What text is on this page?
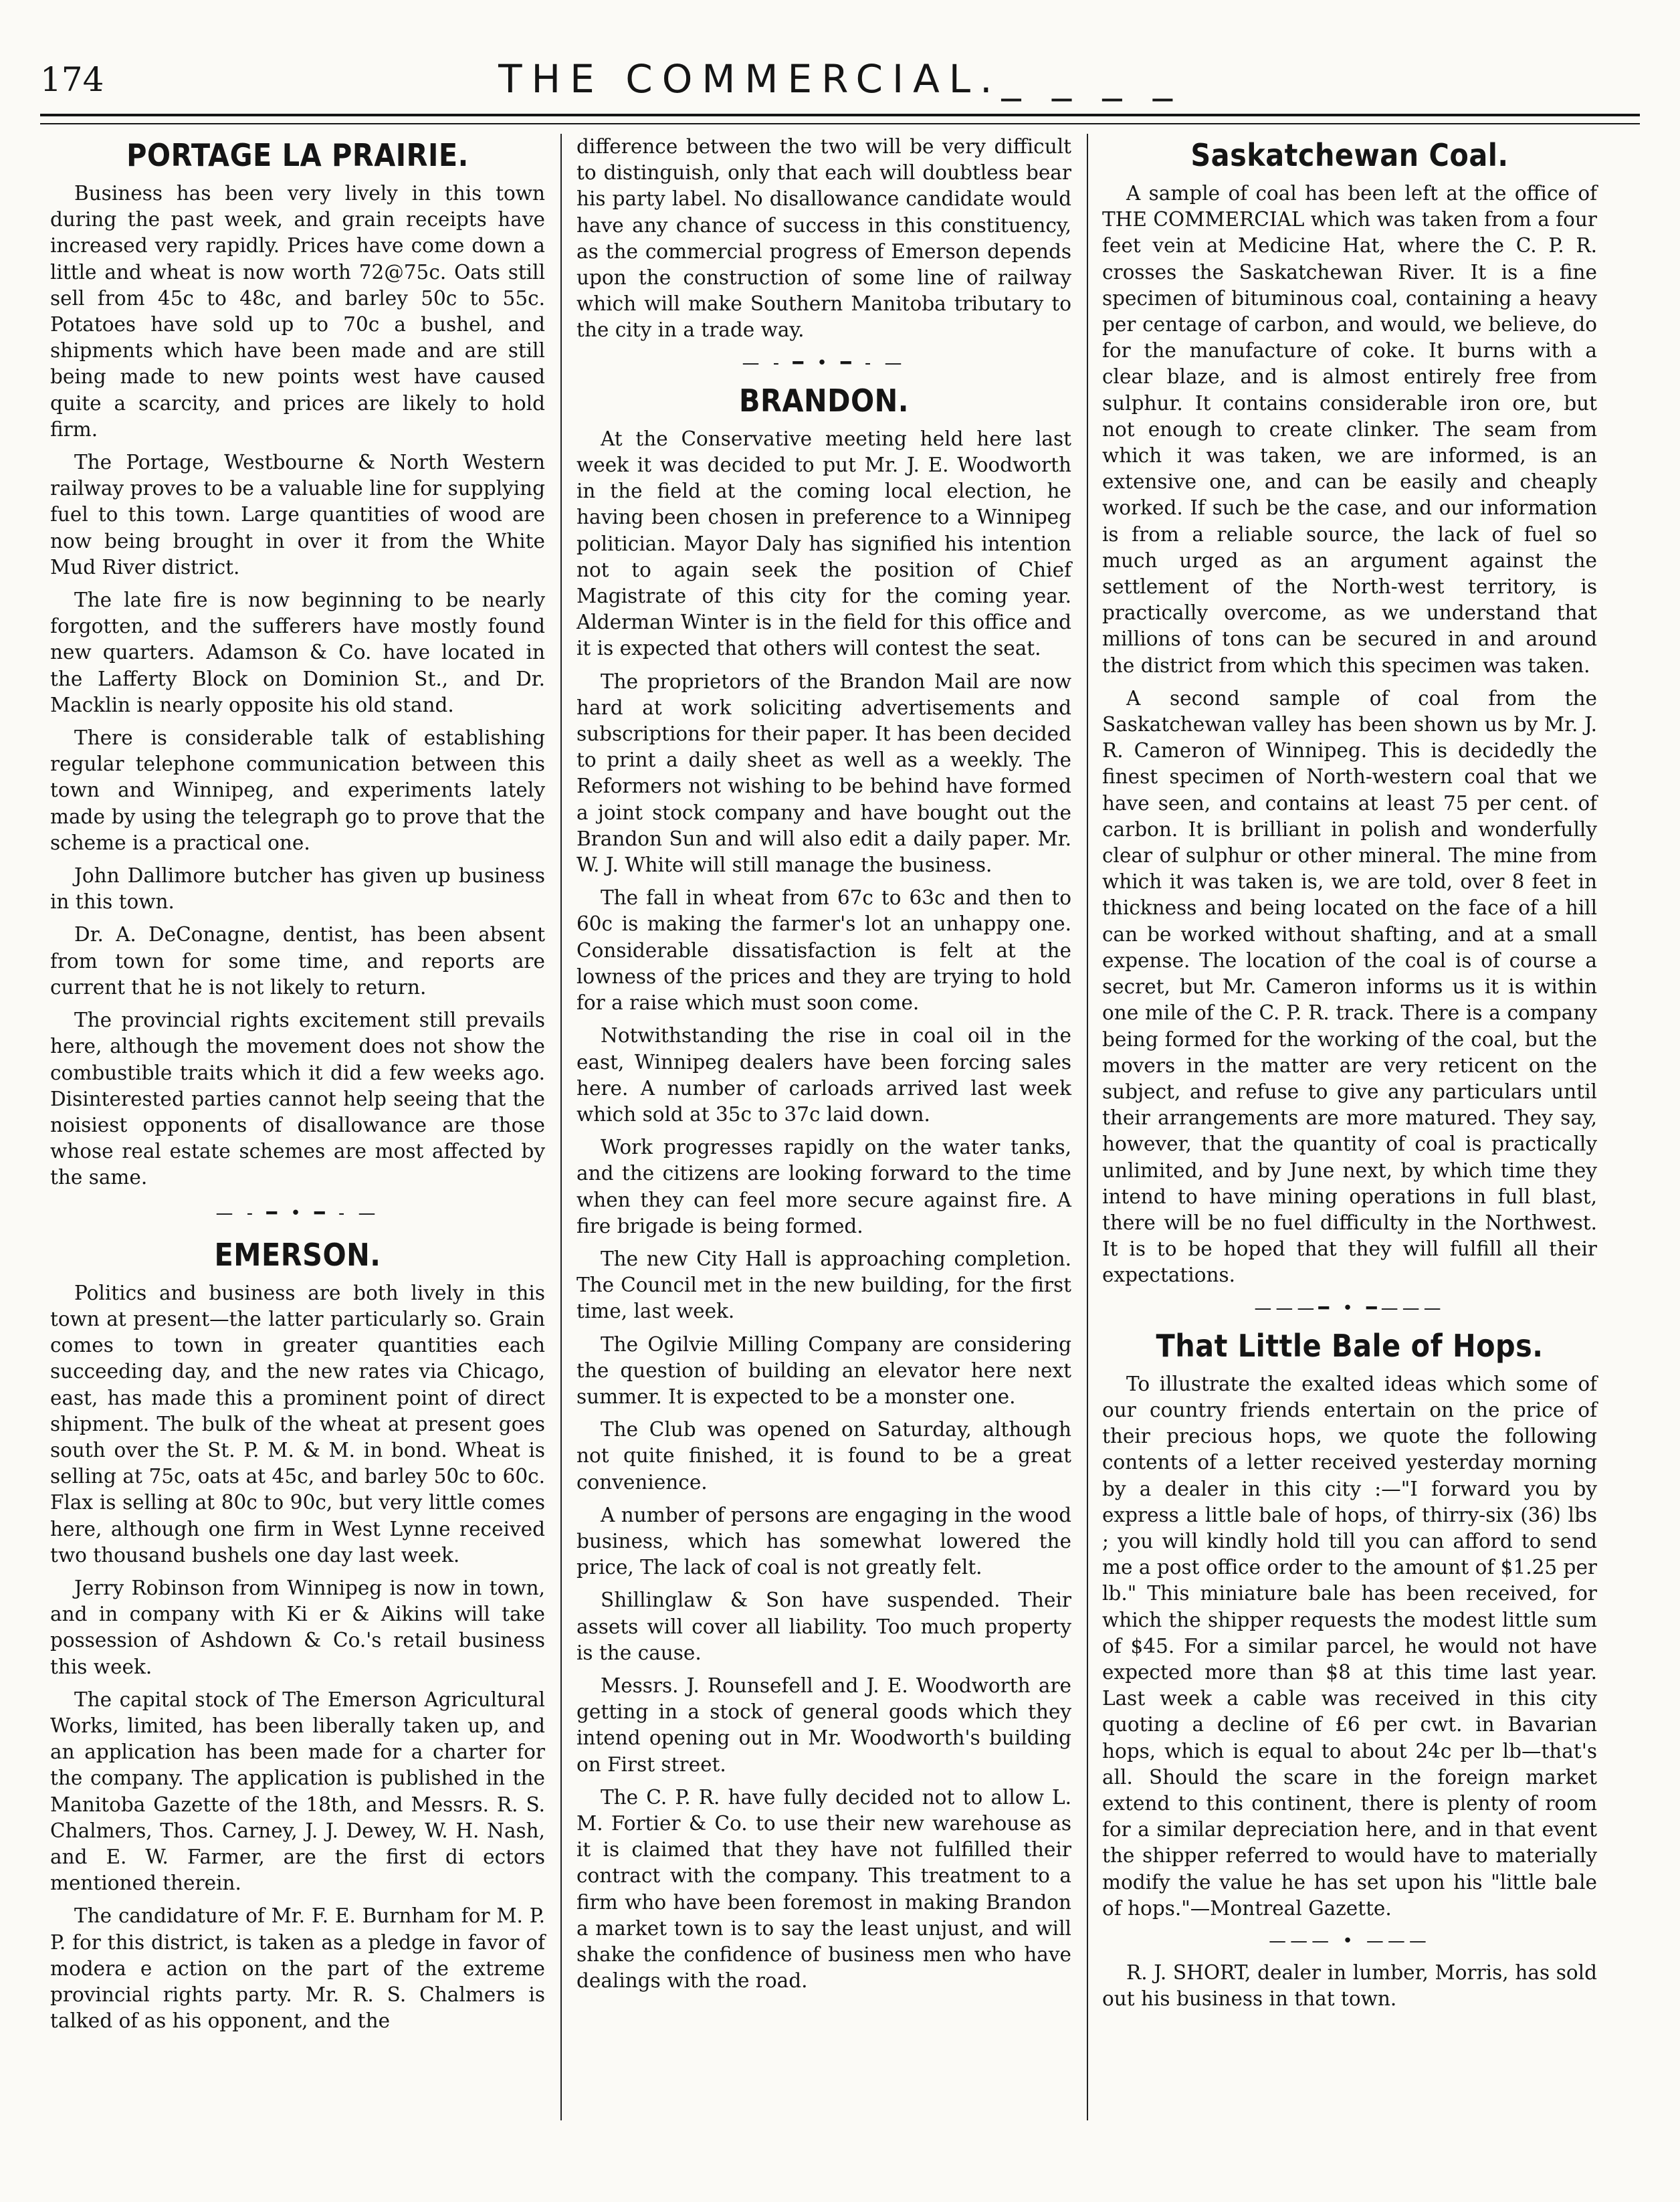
174	THE COMMERCIAL._ _ _ _
PORTAGE LA PRAIRIE.

Business has been very lively in this town during the past week, and grain receipts have increased very rapidly. Prices have come down a little and wheat is now worth 72@75c. Oats still sell from 45c to 48c, and barley 50c to 55c. Potatoes have sold up to 70c a bushel, and shipments which have been made and are still being made to new points west have caused quite a scarcity, and prices are likely to hold firm.

The Portage, Westbourne & North Western railway proves to be a valuable line for supplying fuel to this town. Large quantities of wood are now being brought in over it from the White Mud River district.

The late fire is now beginning to be nearly forgotten, and the sufferers have mostly found new quarters. Adamson & Co. have located in the Lafferty Block on Dominion St., and Dr. Macklin is nearly opposite his old stand.

There is considerable talk of establishing regular telephone communication between this town and Winnipeg, and experiments lately made by using the telegraph go to prove that the scheme is a practical one.

John Dallimore butcher has given up business in this town.

Dr. A. DeConagne, dentist, has been absent from town for some time, and reports are current that he is not likely to return.

The provincial rights excitement still prevails here, although the movement does not show the combustible traits which it did a few weeks ago. Disinterested parties cannot help seeing that the noisiest opponents of disallowance are those whose real estate schemes are most affected by the same.

— - ━ • ━ - —
EMERSON.

Politics and business are both lively in this town at present—the latter particularly so. Grain comes to town in greater quantities each succeeding day, and the new rates via Chicago, east, has made this a prominent point of direct shipment. The bulk of the wheat at present goes south over the St. P. M. & M. in bond. Wheat is selling at 75c, oats at 45c, and barley 50c to 60c. Flax is selling at 80c to 90c, but very little comes here, although one firm in West Lynne received two thousand bushels one day last week.

Jerry Robinson from Winnipeg is now in town, and in company with Ki er & Aikins will take possession of Ashdown & Co.'s retail business this week.

The capital stock of The Emerson Agricultural Works, limited, has been liberally taken up, and an application has been made for a charter for the company. The application is published in the Manitoba Gazette of the 18th, and Messrs. R. S. Chalmers, Thos. Carney, J. J. Dewey, W. H. Nash, and E. W. Farmer, are the first di ectors mentioned therein.

The candidature of Mr. F. E. Burnham for M. P. P. for this district, is taken as a pledge in favor of modera e action on the part of the extreme provincial rights party. Mr. R. S. Chalmers is talked of as his opponent, and the

difference between the two will be very difficult to distinguish, only that each will doubtless bear his party label. No disallowance candidate would have any chance of success in this constituency, as the commercial progress of Emerson depends upon the construction of some line of railway which will make Southern Manitoba tributary to the city in a trade way.

— - ━ • ━ - —
BRANDON.

At the Conservative meeting held here last week it was decided to put Mr. J. E. Woodworth in the field at the coming local election, he having been chosen in preference to a Winnipeg politician. Mayor Daly has signified his intention not to again seek the position of Chief Magistrate of this city for the coming year. Alderman Winter is in the field for this office and it is expected that others will contest the seat.

The proprietors of the Brandon Mail are now hard at work soliciting advertisements and subscriptions for their paper. It has been decided to print a daily sheet as well as a weekly. The Reformers not wishing to be behind have formed a joint stock company and have bought out the Brandon Sun and will also edit a daily paper. Mr. W. J. White will still manage the business.

The fall in wheat from 67c to 63c and then to 60c is making the farmer's lot an unhappy one. Considerable dissatisfaction is felt at the lowness of the prices and they are trying to hold for a raise which must soon come.

Notwithstanding the rise in coal oil in the east, Winnipeg dealers have been forcing sales here. A number of carloads arrived last week which sold at 35c to 37c laid down.

Work progresses rapidly on the water tanks, and the citizens are looking forward to the time when they can feel more secure against fire. A fire brigade is being formed.

The new City Hall is approaching completion. The Council met in the new building, for the first time, last week.

The Ogilvie Milling Company are considering the question of building an elevator here next summer. It is expected to be a monster one.

The Club was opened on Saturday, although not quite finished, it is found to be a great convenience.

A number of persons are engaging in the wood business, which has somewhat lowered the price, The lack of coal is not greatly felt.

Shillinglaw & Son have suspended. Their assets will cover all liability. Too much property is the cause.

Messrs. J. Rounsefell and J. E. Woodworth are getting in a stock of general goods which they intend opening out in Mr. Woodworth's building on First street.

The C. P. R. have fully decided not to allow L. M. Fortier & Co. to use their new warehouse as it is claimed that they have not fulfilled their contract with the company. This treatment to a firm who have been foremost in making Brandon a market town is to say the least unjust, and will shake the confidence of business men who have dealings with the road.

Saskatchewan Coal.

A sample of coal has been left at the office of THE COMMERCIAL which was taken from a four feet vein at Medicine Hat, where the C. P. R. crosses the Saskatchewan River. It is a fine specimen of bituminous coal, containing a heavy per centage of carbon, and would, we believe, do for the manufacture of coke. It burns with a clear blaze, and is almost entirely free from sulphur. It contains considerable iron ore, but not enough to create clinker. The seam from which it was taken, we are informed, is an extensive one, and can be easily and cheaply worked. If such be the case, and our information is from a reliable source, the lack of fuel so much urged as an argument against the settlement of the North-west territory, is practically overcome, as we understand that millions of tons can be secured in and around the district from which this specimen was taken.

A second sample of coal from the Saskatchewan valley has been shown us by Mr. J. R. Cameron of Winnipeg. This is decidedly the finest specimen of North-western coal that we have seen, and contains at least 75 per cent. of carbon. It is brilliant in polish and wonderfully clear of sulphur or other mineral. The mine from which it was taken is, we are told, over 8 feet in thickness and being located on the face of a hill can be worked without shafting, and at a small expense. The location of the coal is of course a secret, but Mr. Cameron informs us it is within one mile of the C. P. R. track. There is a company being formed for the working of the coal, but the movers in the matter are very reticent on the subject, and refuse to give any particulars until their arrangements are more matured. They say, however, that the quantity of coal is practically unlimited, and by June next, by which time they intend to have mining operations in full blast, there will be no fuel difficulty in the Northwest. It is to be hoped that they will fulfill all their expectations.

———━ • ━———
That Little Bale of Hops.

To illustrate the exalted ideas which some of our country friends entertain on the price of their precious hops, we quote the following contents of a letter received yesterday morning by a dealer in this city :—"I forward you by express a little bale of hops, of thirry-six (36) lbs ; you will kindly hold till you can afford to send me a post office order to the amount of $1.25 per lb." This miniature bale has been received, for which the shipper requests the modest little sum of $45. For a similar parcel, he would not have expected more than $8 at this time last year. Last week a cable was received in this city quoting a decline of £6 per cwt. in Bavarian hops, which is equal to about 24c per lb—that's all. Should the scare in the foreign market extend to this continent, there is plenty of room for a similar depreciation here, and in that event the shipper referred to would have to materially modify the value he has set upon his "little bale of hops."—Montreal Gazette.

——— • ———

R. J. SHORT, dealer in lumber, Morris, has sold out his business in that town.
